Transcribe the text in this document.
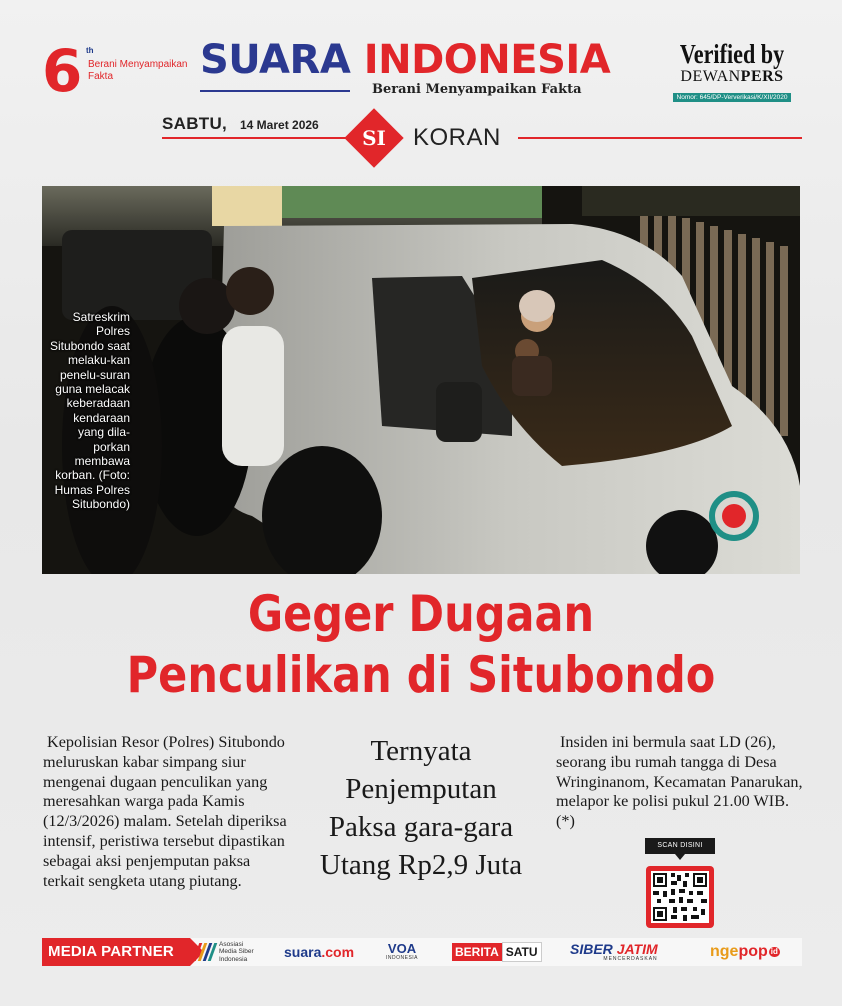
6 th
Berani Menyampaikan Fakta	SUARA INDONESIA
Berani Menyampaikan Fakta
Verified by
DEWANPERS
Nomor: 645/DP-Ververikasi/K/XII/2020
SABTU, 14 Maret 2026
SI	KORAN
Satreskrim Polres Situbondo saat melaku-kan penelu-suran guna melacak keberadaan kendaraan yang dila-porkan membawa korban. (Foto: Humas Polres Situbondo)
Geger Dugaan
Penculikan di Situbondo

Kepolisian Resor (Polres) Situbondo meluruskan kabar simpang siur mengenai dugaan penculikan yang meresahkan warga pada Kamis (12/3/2026) malam. Setelah diperiksa intensif, peristiwa tersebut dipastikan sebagai aksi penjemputan paksa terkait sengketa utang piutang.

Ternyata Penjemputan Paksa gara-gara Utang Rp2,9 Juta

Insiden ini bermula saat LD (26), seorang ibu rumah tangga di Desa Wringinanom, Kecamatan Panarukan, melapor ke polisi pukul 21.00 WIB. (*)

SCAN DISINI
MEDIA PARTNER	Asosiasi
Media Siber
Indonesia	suara .com	VOA
INDONESIA	BERITA SATU SIBER JATIM
MENCERDASKAN	nge pop id
